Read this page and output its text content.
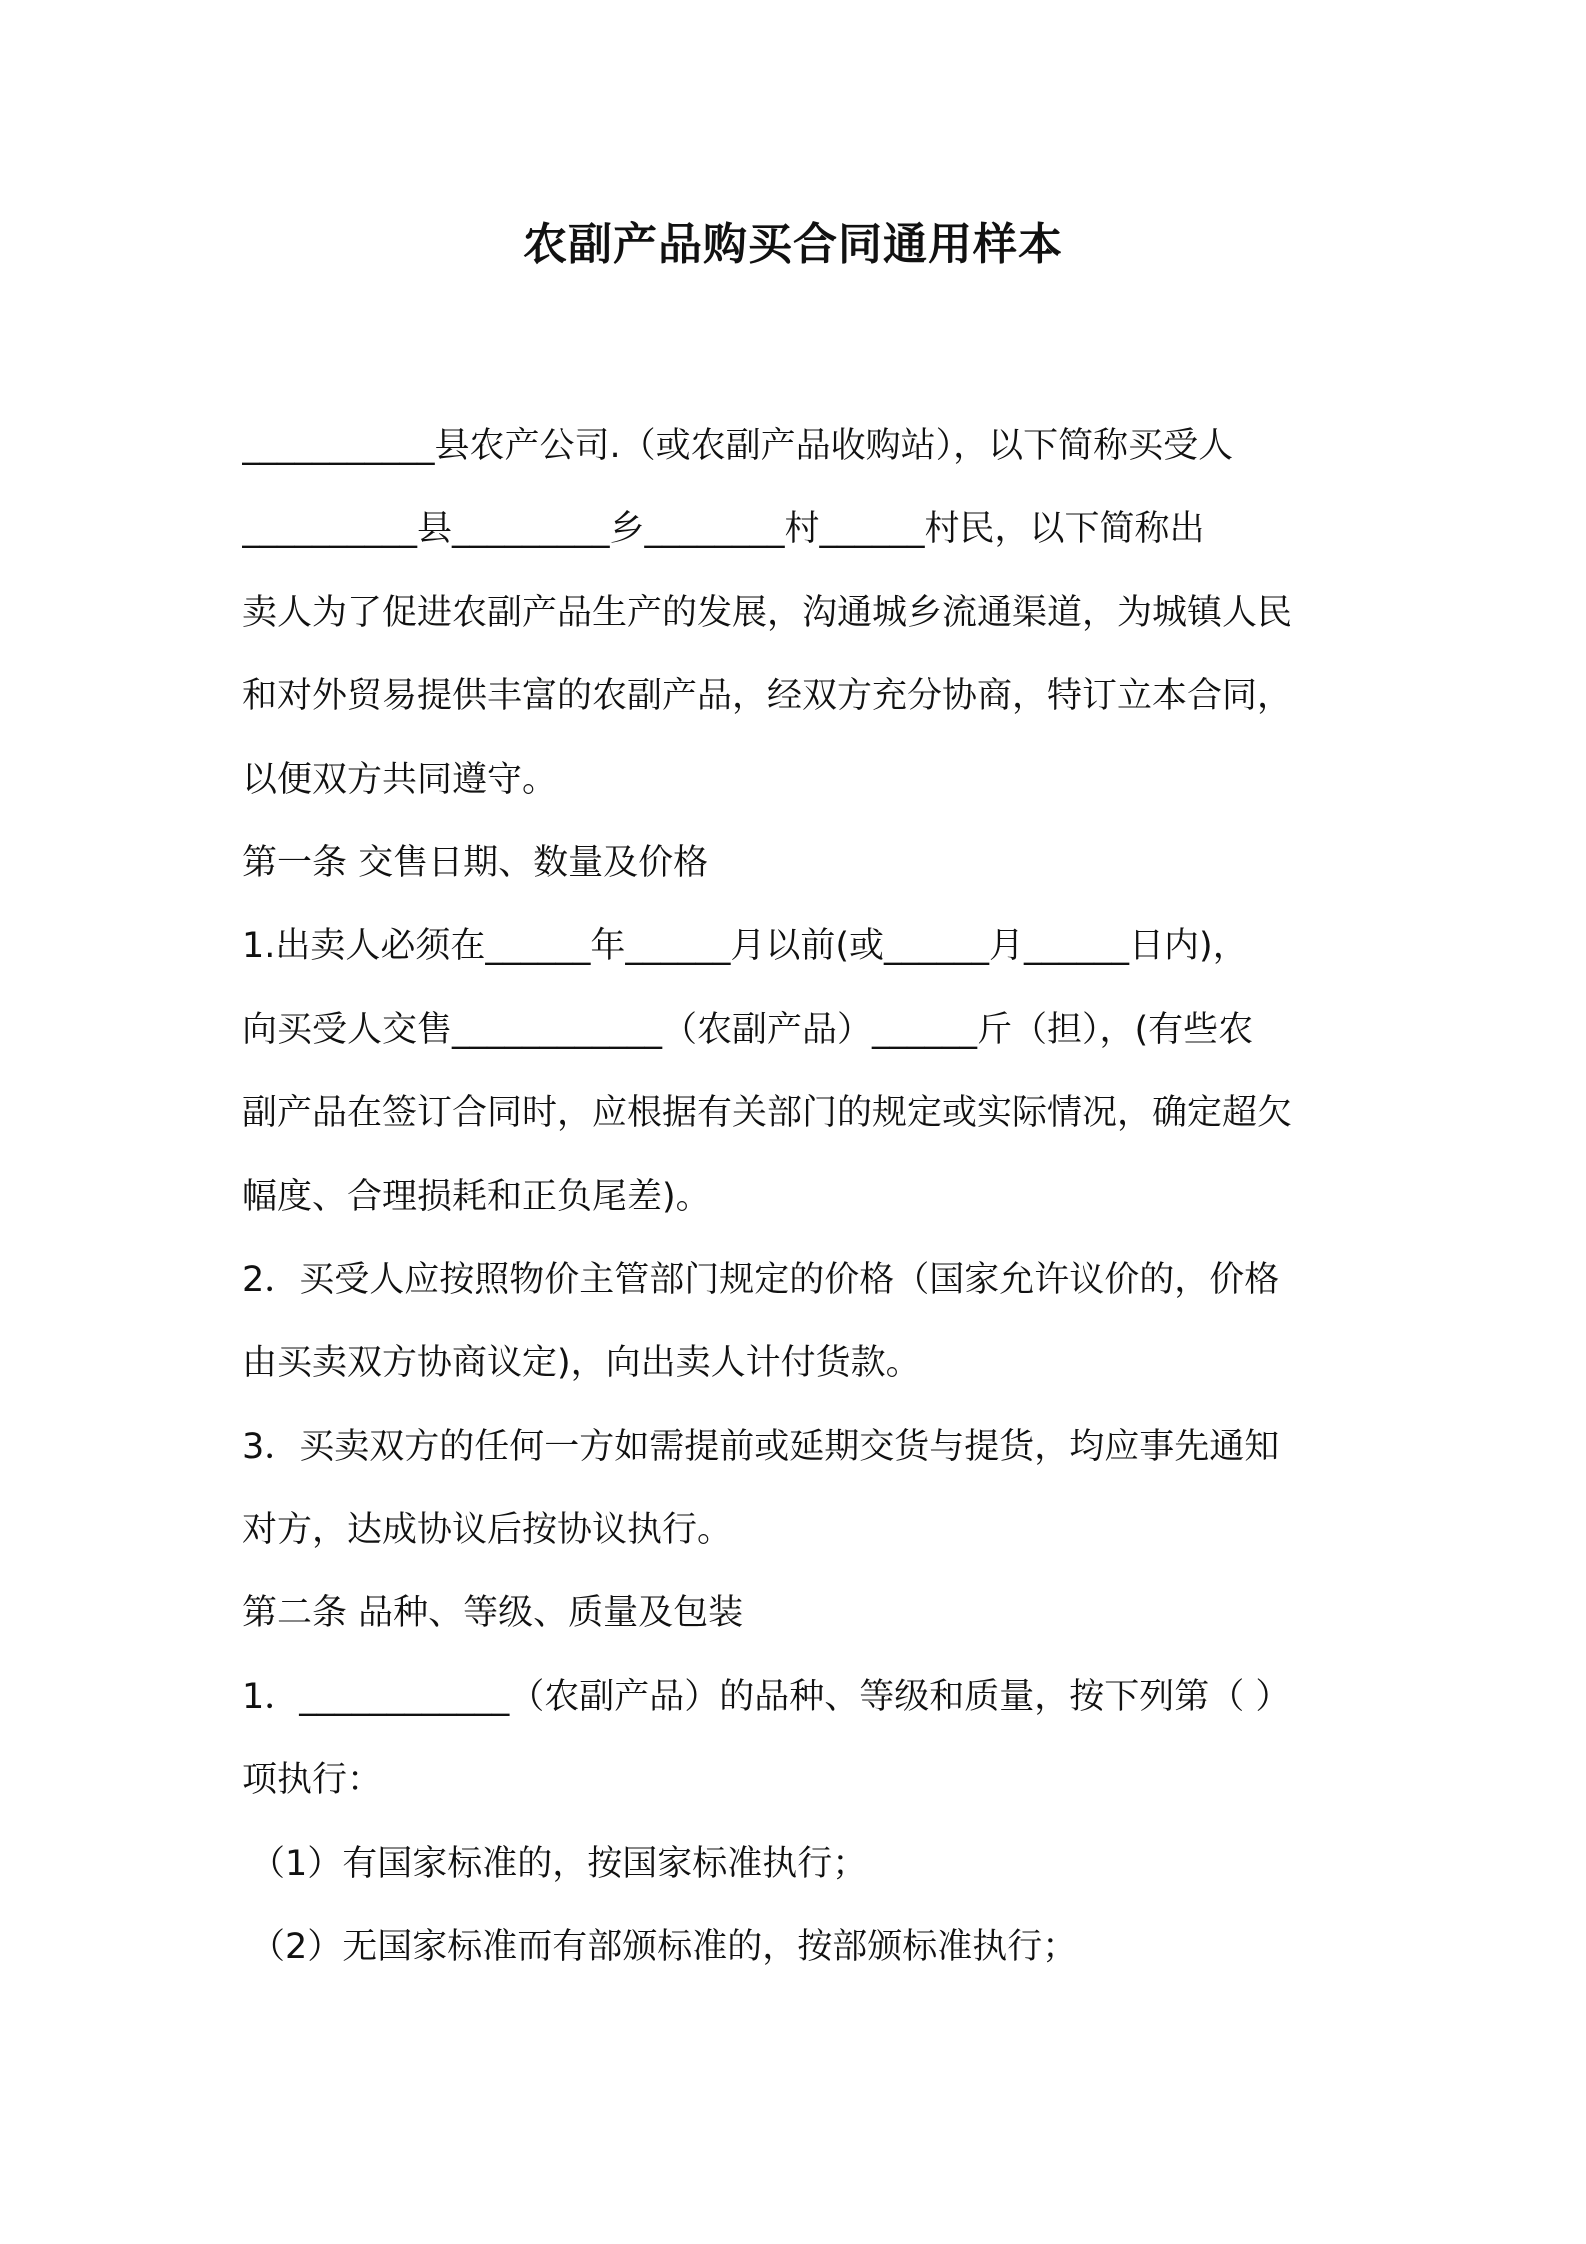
农副产品购买合同通用样本
___________县农产公司.（或农副产品收购站），以下简称买受人
__________县_________乡________村______村民，以下简称出
卖人为了促进农副产品生产的发展，沟通城乡流通渠道，为城镇人民
和对外贸易提供丰富的农副产品，经双方充分协商，特订立本合同，
以便双方共同遵守。
第一条 交售日期、数量及价格
1.出卖人必须在______年______月以前(或______月______日内)，
向买受人交售____________（农副产品）______斤（担），(有些农
副产品在签订合同时，应根据有关部门的规定或实际情况，确定超欠
幅度、合理损耗和正负尾差)。
2．买受人应按照物价主管部门规定的价格（国家允许议价的，价格
由买卖双方协商议定)，向出卖人计付货款。
3．买卖双方的任何一方如需提前或延期交货与提货，均应事先通知
对方，达成协议后按协议执行。
第二条 品种、等级、质量及包装
1．____________（农副产品）的品种、等级和质量，按下列第（ ）
项执行：
（1）有国家标准的，按国家标准执行；
（2）无国家标准而有部颁标准的，按部颁标准执行；
